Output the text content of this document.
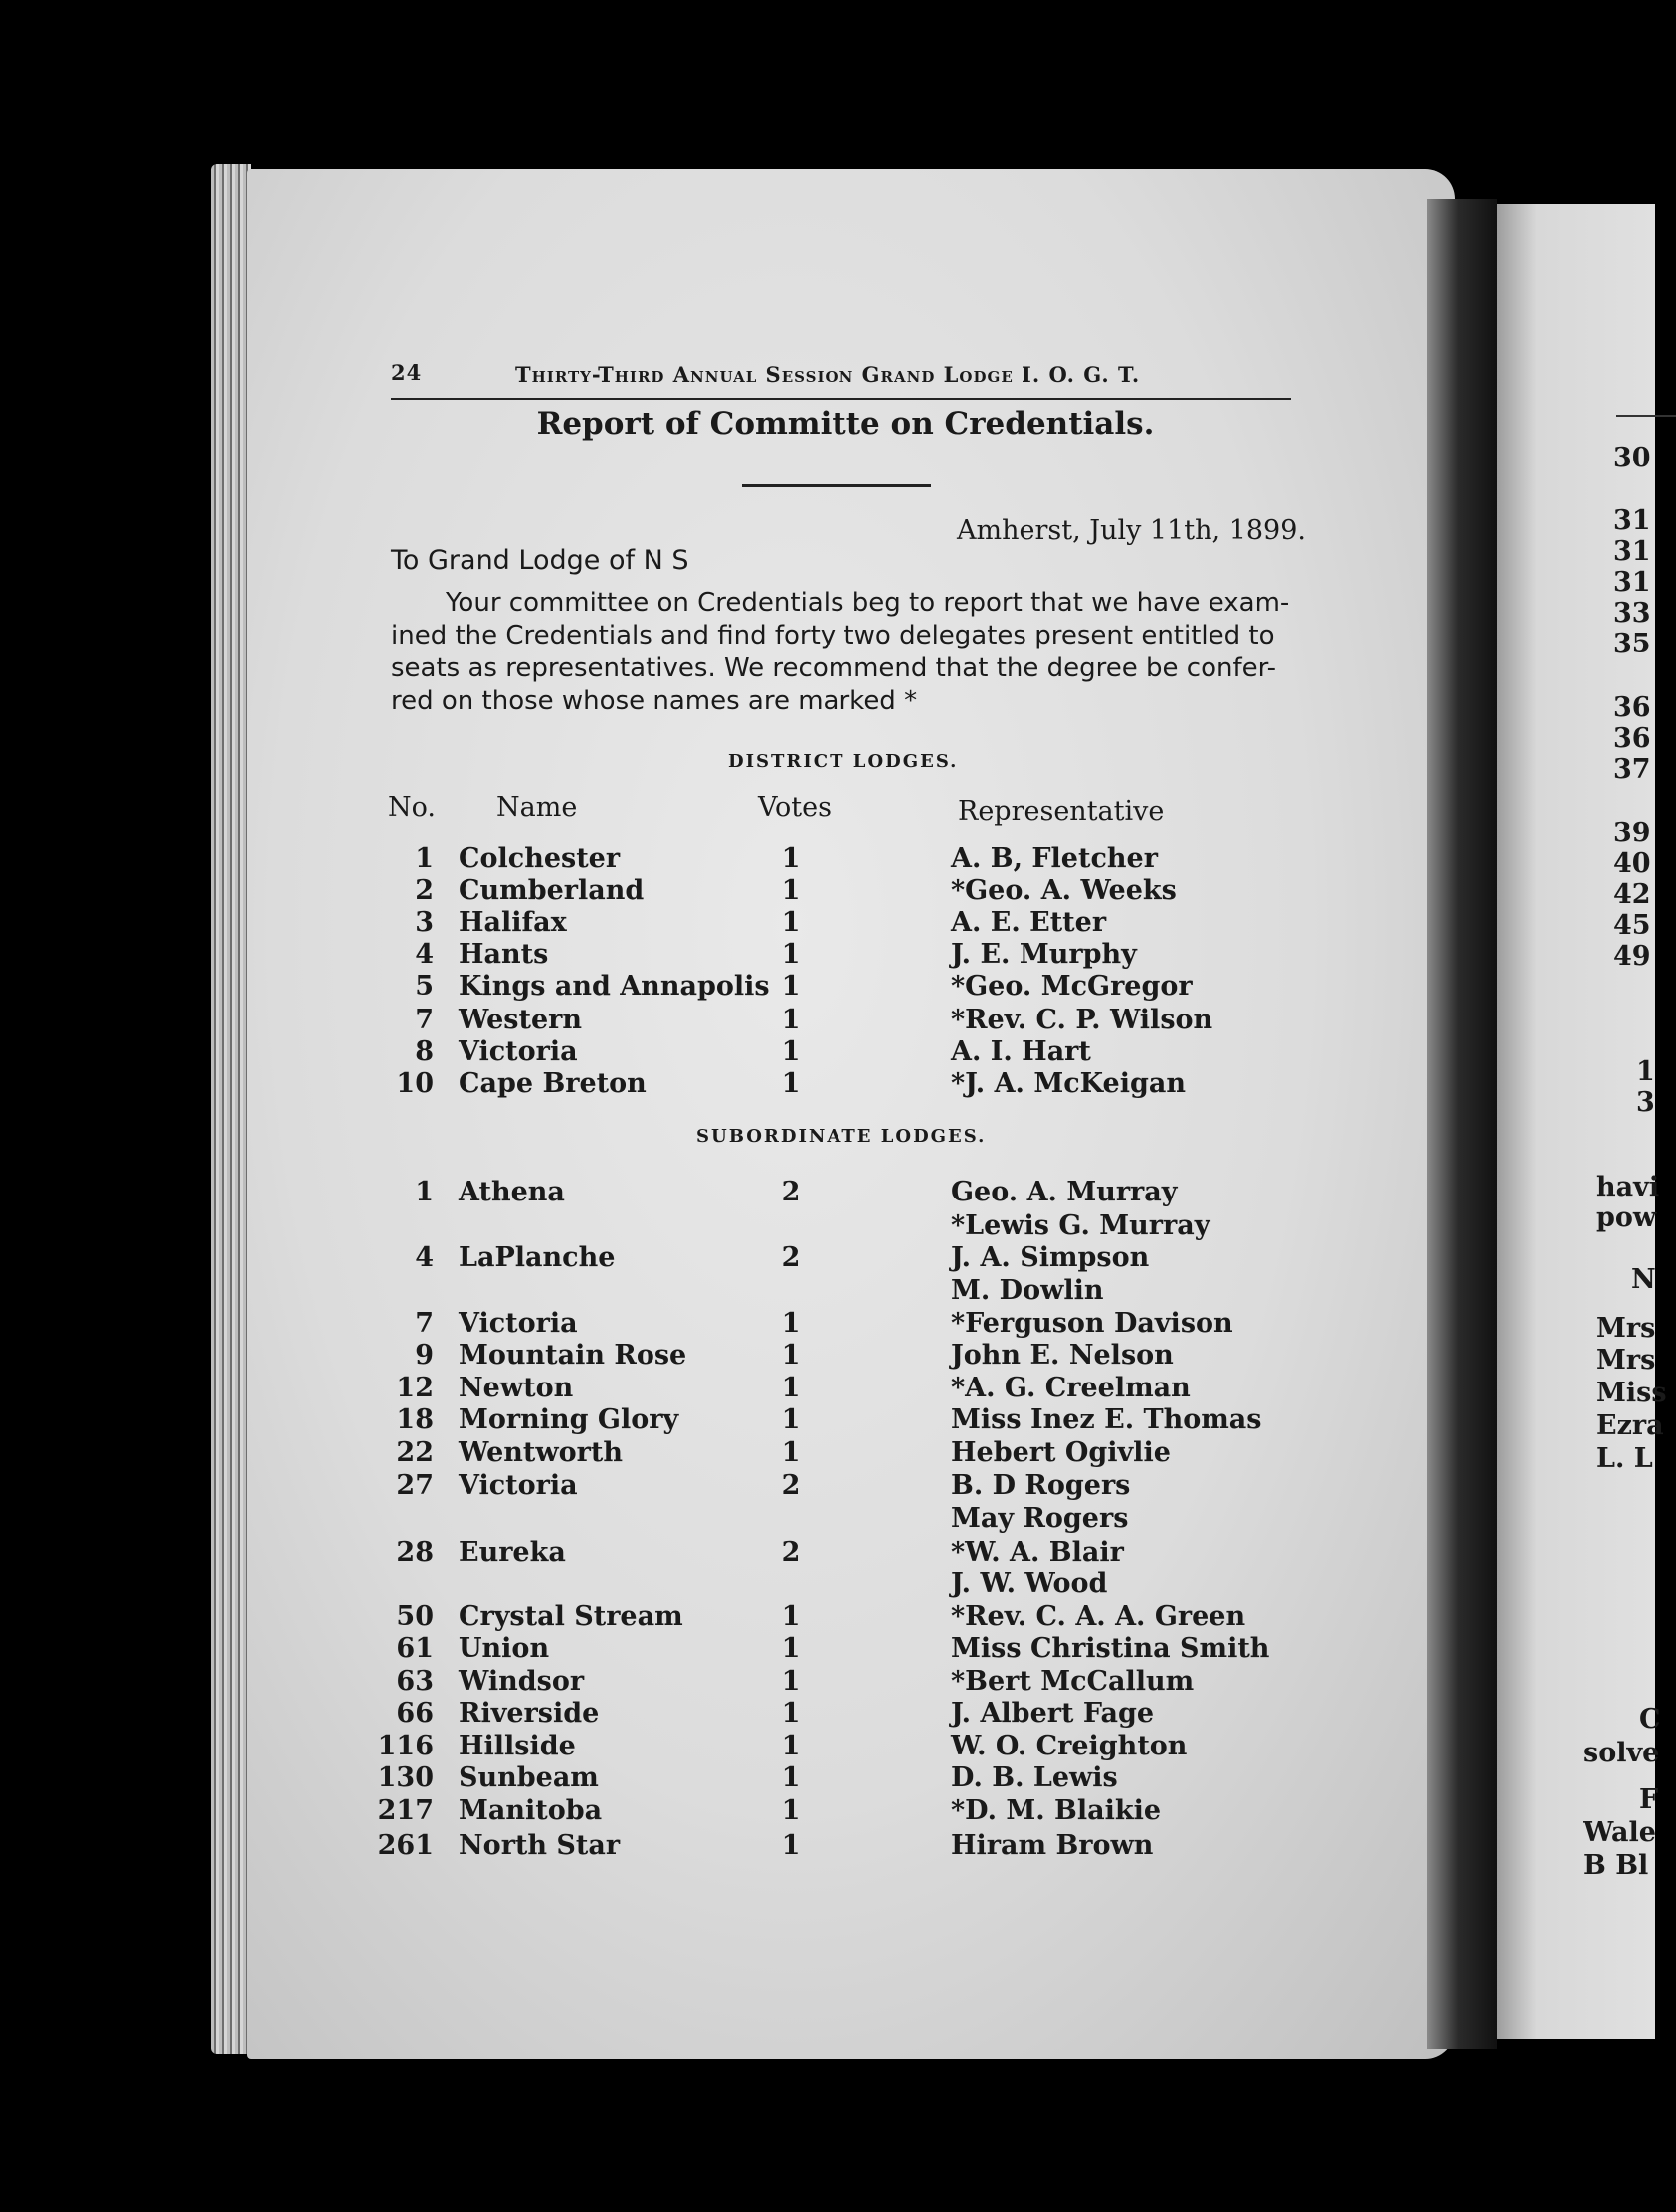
30
31
31
31
33
35
36
36
37
39
40
42
45
49
1
3
havi
pow
N
Mrs
Mrs
Miss
Ezra
L. L
C
solve
F
Wale
B Bl
24	Thirty-Third Annual Session Grand Lodge I. O. G. T.
Report of Committe on Credentials.
Amherst, July 11th, 1899.
To Grand Lodge of N S
Your committee on Credentials beg to report that we have exam-
ined the Credentials and find forty two delegates present entitled to
seats as representatives. We recommend that the degree be confer-
red on those whose names are marked *
DISTRICT LODGES.
No. Name	Votes	Representative
1 Colchester	1	A. B, Fletcher
2 Cumberland	1	*Geo. A. Weeks
3 Halifax	1	A. E. Etter
4 Hants	1	J. E. Murphy
5 Kings and Annapolis 1	*Geo. McGregor
7 Western	1	*Rev. C. P. Wilson
8 Victoria	1	A. I. Hart
10 Cape Breton	1	*J. A. McKeigan
SUBORDINATE LODGES.
1 Athena	2	Geo. A. Murray
*Lewis G. Murray
4 LaPlanche	2	J. A. Simpson
M. Dowlin
7 Victoria	1	*Ferguson Davison
9 Mountain Rose	1	John E. Nelson
12 Newton	1	*A. G. Creelman
18 Morning Glory	1	Miss Inez E. Thomas
22 Wentworth	1	Hebert Ogivlie
27 Victoria	2	B. D Rogers
May Rogers
28 Eureka	2	*W. A. Blair
J. W. Wood
50 Crystal Stream	1	*Rev. C. A. A. Green
61 Union	1	Miss Christina Smith
63 Windsor	1	*Bert McCallum
66 Riverside	1	J. Albert Fage
116 Hillside	1	W. O. Creighton
130 Sunbeam	1	D. B. Lewis
217 Manitoba	1	*D. M. Blaikie
261 North Star	1	Hiram Brown
